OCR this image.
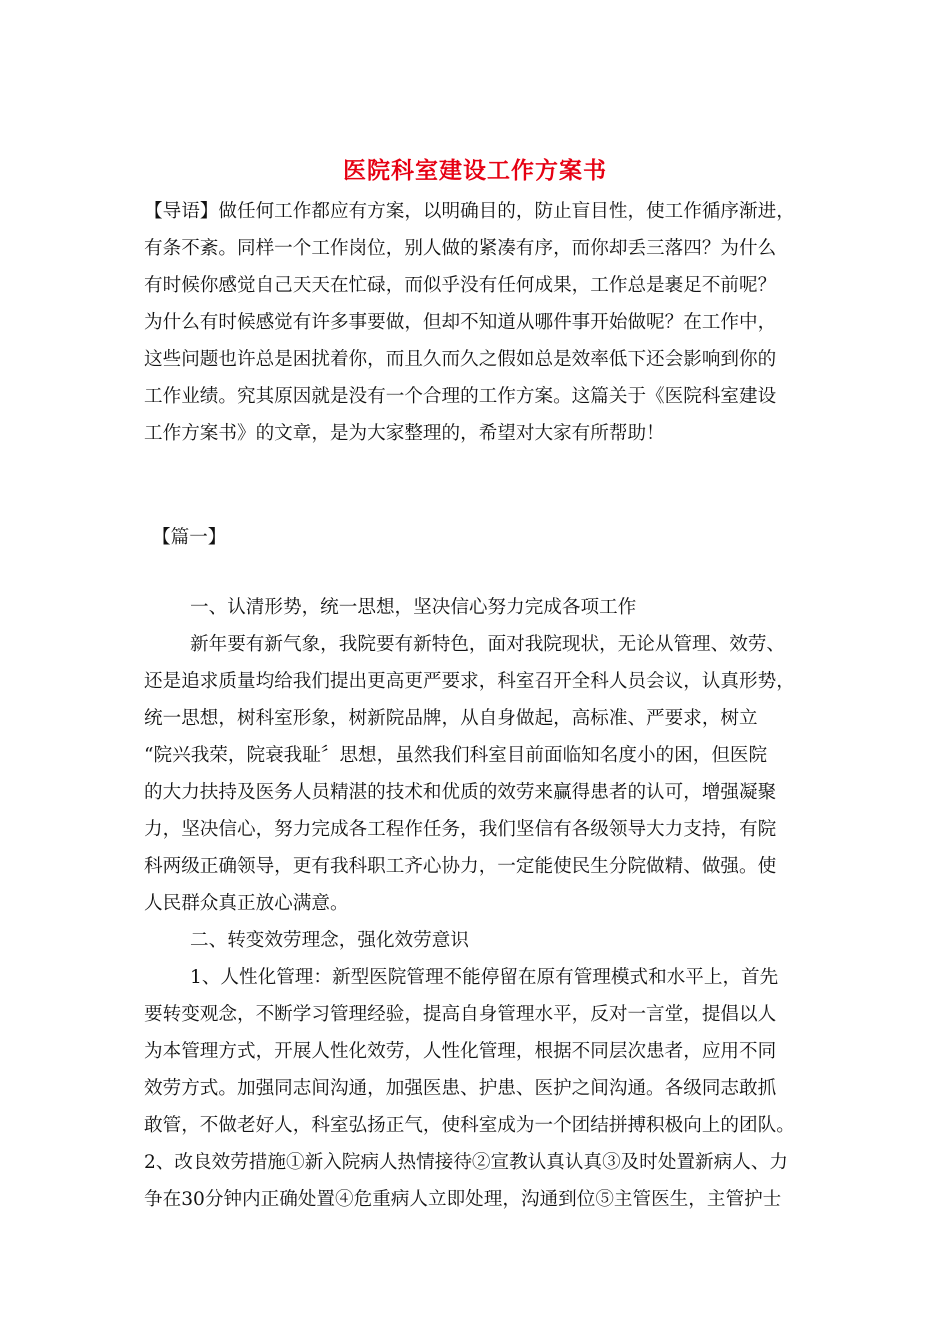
医院科室建设工作方案书
【导语】做任何工作都应有方案，以明确目的，防止盲目性，使工作循序渐进，
有条不紊。同样一个工作岗位，别人做的紧凑有序，而你却丢三落四？为什么
有时候你感觉自己天天在忙碌，而似乎没有任何成果，工作总是裹足不前呢？
为什么有时候感觉有许多事要做，但却不知道从哪件事开始做呢？在工作中，
这些问题也许总是困扰着你，而且久而久之假如总是效率低下还会影响到你的
工作业绩。究其原因就是没有一个合理的工作方案。这篇关于《医院科室建设
工作方案书》的文章，是为大家整理的，希望对大家有所帮助！
【篇一】
一、认清形势，统一思想，坚决信心努力完成各项工作
新年要有新气象，我院要有新特色，面对我院现状，无论从管理、效劳、
还是追求质量均给我们提出更高更严要求，科室召开全科人员会议，认真形势，
统一思想，树科室形象，树新院品牌，从自身做起，高标准、严要求，树立
“院兴我荣，院衰我耻〞思想，虽然我们科室目前面临知名度小的困，但医院
的大力扶持及医务人员精湛的技术和优质的效劳来赢得患者的认可，增强凝聚
力，坚决信心，努力完成各工程作任务，我们坚信有各级领导大力支持，有院
科两级正确领导，更有我科职工齐心协力，一定能使民生分院做精、做强。使
人民群众真正放心满意。
二、转变效劳理念，强化效劳意识
1、人性化管理：新型医院管理不能停留在原有管理模式和水平上，首先
要转变观念，不断学习管理经验，提高自身管理水平，反对一言堂，提倡以人
为本管理方式，开展人性化效劳，人性化管理，根据不同层次患者，应用不同
效劳方式。加强同志间沟通，加强医患、护患、医护之间沟通。各级同志敢抓
敢管，不做老好人，科室弘扬正气，使科室成为一个团结拼搏积极向上的团队。
2、改良效劳措施①新入院病人热情接待②宣教认真认真③及时处置新病人、力
争在30分钟内正确处置④危重病人立即处理，沟通到位⑤主管医生，主管护士
